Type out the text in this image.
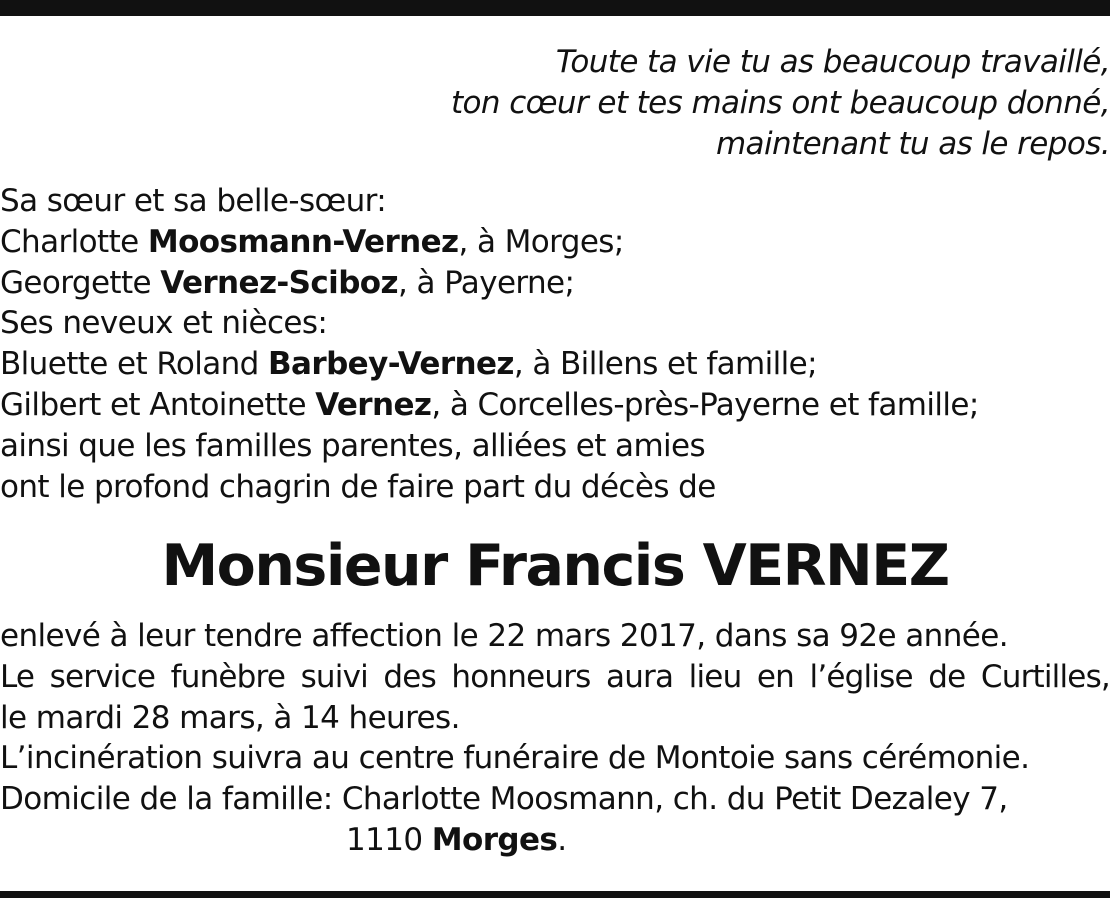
Toute ta vie tu as beaucoup travaillé,
ton cœur et tes mains ont beaucoup donné,
maintenant tu as le repos.
Sa sœur et sa belle-sœur:
Charlotte Moosmann-Vernez, à Morges;
Georgette Vernez-Sciboz, à Payerne;
Ses neveux et nièces:
Bluette et Roland Barbey-Vernez, à Billens et famille;
Gilbert et Antoinette Vernez, à Corcelles-près-Payerne et famille;
ainsi que les familles parentes, alliées et amies
ont le profond chagrin de faire part du décès de
Monsieur Francis VERNEZ
enlevé à leur tendre affection le 22 mars 2017, dans sa 92e année.
Le service funèbre suivi des honneurs aura lieu en l’église de Curtilles,
le mardi 28 mars, à 14 heures.
L’incinération suivra au centre funéraire de Montoie sans cérémonie.
Domicile de la famille: Charlotte Moosmann, ch. du Petit Dezaley 7,
1110 Morges.
